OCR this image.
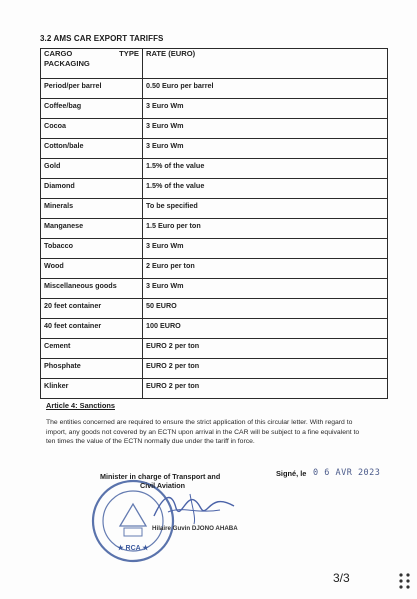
3.2 AMS CAR EXPORT TARIFFS
CARGO TYPE
PACKAGING	RATE (EURO)
Period/per barrel	0.50 Euro per barrel
Coffee/bag	3 Euro Wm
Cocoa	3 Euro Wm
Cotton/bale	3 Euro Wm
Gold	1.5% of the value
Diamond	1.5% of the value
Minerals	To be specified
Manganese	1.5 Euro per ton
Tobacco	3 Euro Wm
Wood	2 Euro per ton
Miscellaneous goods	3 Euro Wm
20 feet container	50 EURO
40 feet container	100 EURO
Cement	EURO 2 per ton
Phosphate	EURO 2 per ton
Klinker	EURO 2 per ton
Article 4: Sanctions
The entities concerned are required to ensure the strict application of this circular letter. With regard to import, any goods not covered by an ECTN upon arrival in the CAR will be subject to a fine equivalent to ten times the value of the ECTN normally due under the tariff in force.
Signé, le 0 6 AVR 2023
★ RCA ★
Minister in charge of Transport and
Civil Aviation
Hilaire Guvin DJONO AHABA
3/3
